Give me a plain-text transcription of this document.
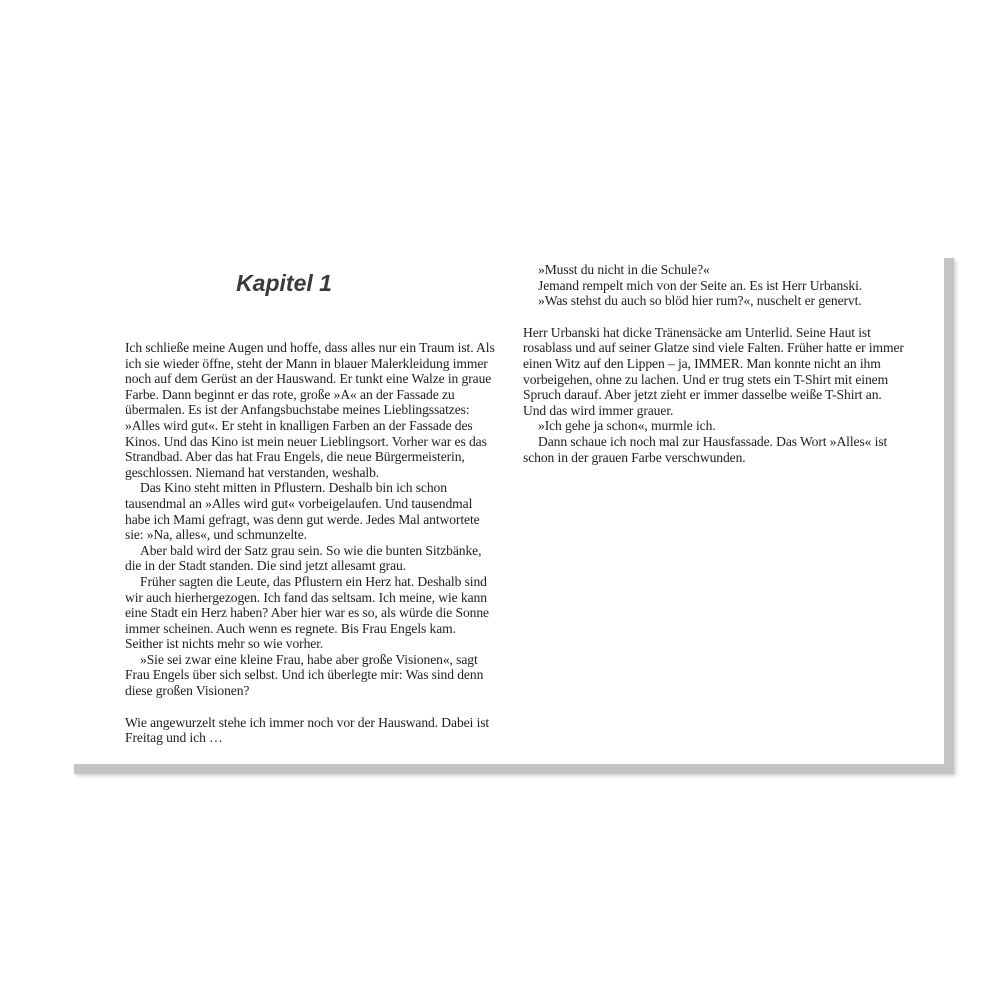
Kapitel 1

Ich schließe meine Augen und hoffe, dass alles nur ein Traum ist. Als ich sie wieder öffne, steht der Mann in blauer Malerkleidung immer noch auf dem Gerüst an der Hauswand. Er tunkt eine Walze in graue Farbe. Dann beginnt er das rote, große »A« an der Fassade zu übermalen. Es ist der Anfangsbuchstabe meines Lieblingssatzes: »Alles wird gut«. Er steht in knalligen Farben an der Fassade des Kinos. Und das Kino ist mein neuer Lieblingsort. Vorher war es das Strandbad. Aber das hat Frau Engels, die neue Bürgermeisterin, geschlossen. Niemand hat verstanden, weshalb.

Das Kino steht mitten in Pflustern. Deshalb bin ich schon tausendmal an »Alles wird gut« vorbeigelaufen. Und tausendmal habe ich Mami gefragt, was denn gut werde. Jedes Mal antwortete sie: »Na, alles«, und schmunzelte.

Aber bald wird der Satz grau sein. So wie die bunten Sitzbänke, die in der Stadt standen. Die sind jetzt allesamt grau.

Früher sagten die Leute, das Pflustern ein Herz hat. Deshalb sind wir auch hierhergezogen. Ich fand das seltsam. Ich meine, wie kann eine Stadt ein Herz haben? Aber hier war es so, als würde die Sonne immer scheinen. Auch wenn es regnete. Bis Frau Engels kam. Seither ist nichts mehr so wie vorher.

»Sie sei zwar eine kleine Frau, habe aber große Visionen«, sagt Frau Engels über sich selbst. Und ich überlegte mir: Was sind denn diese großen Visionen?

Wie angewurzelt stehe ich immer noch vor der Hauswand. Dabei ist Freitag und ich …

»Musst du nicht in die Schule?«

Jemand rempelt mich von der Seite an. Es ist Herr Urbanski.

»Was stehst du auch so blöd hier rum?«, nuschelt er genervt.

Herr Urbanski hat dicke Tränensäcke am Unterlid. Seine Haut ist rosablass und auf seiner Glatze sind viele Falten. Früher hatte er immer einen Witz auf den Lippen – ja, IMMER. Man konnte nicht an ihm vorbeigehen, ohne zu lachen. Und er trug stets ein T-Shirt mit einem Spruch darauf. Aber jetzt zieht er immer dasselbe weiße T-Shirt an. Und das wird immer grauer.

»Ich gehe ja schon«, murmle ich.

Dann schaue ich noch mal zur Hausfassade. Das Wort »Alles« ist schon in der grauen Farbe verschwunden.
